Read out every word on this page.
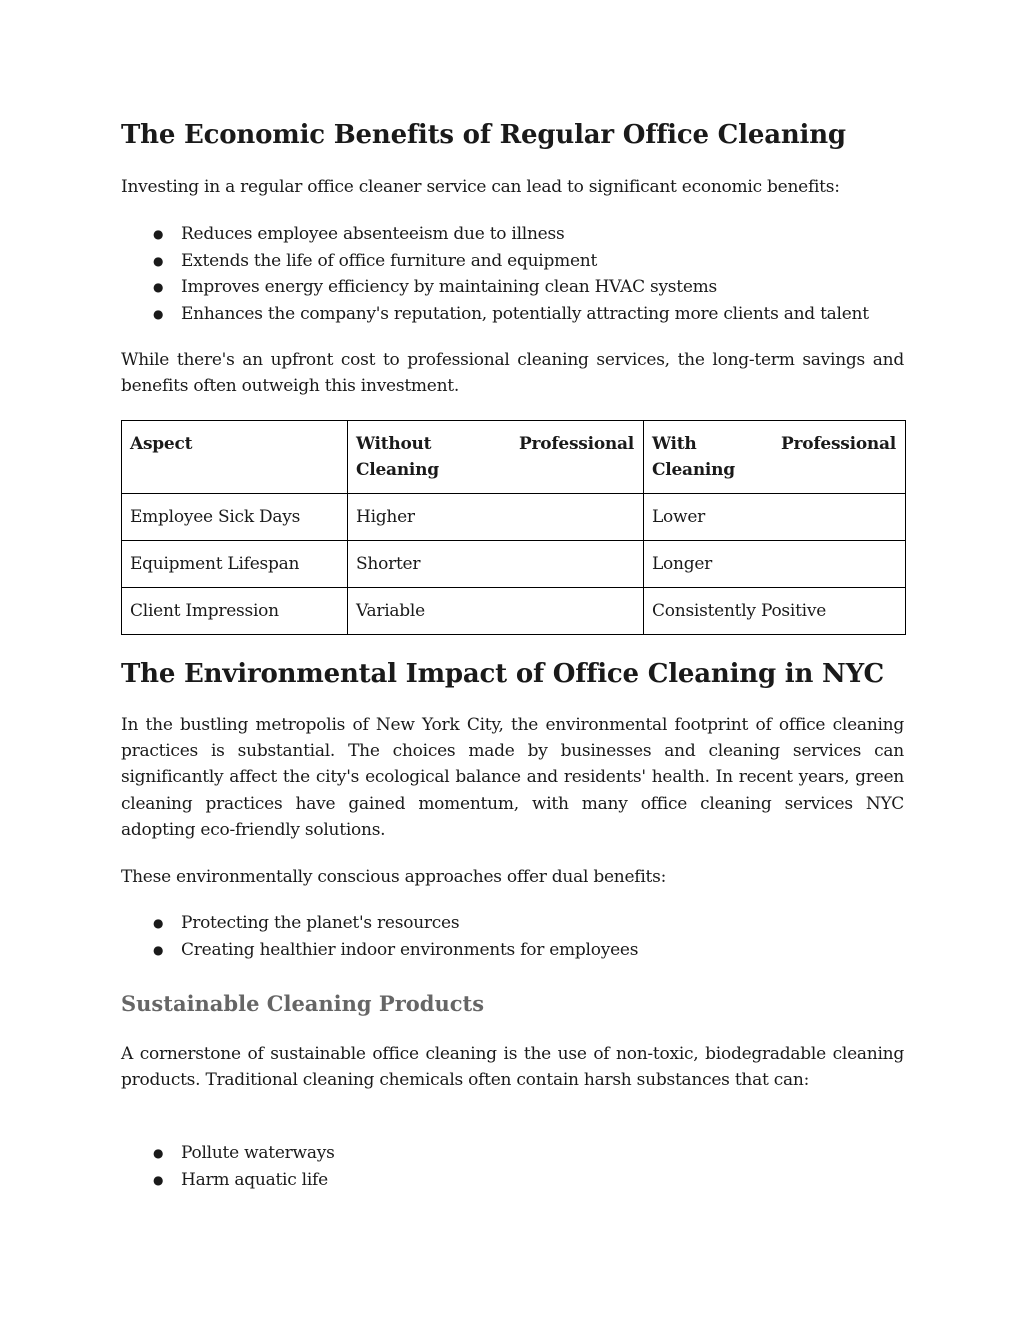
The Economic Benefits of Regular Office Cleaning

Investing in a regular office cleaner service can lead to significant economic benefits:

● Reduces employee absenteeism due to illness
● Extends the life of office furniture and equipment
● Improves energy efficiency by maintaining clean HVAC systems
● Enhances the company's reputation, potentially attracting more clients and talent

While there's an upfront cost to professional cleaning services, the long-term savings and benefits often outweigh this investment.

Aspect	Without Professional Cleaning	With Professional Cleaning
Employee Sick Days	Higher	Lower
Equipment Lifespan	Shorter	Longer
Client Impression	Variable	Consistently Positive
The Environmental Impact of Office Cleaning in NYC

In the bustling metropolis of New York City, the environmental footprint of office cleaning practices is substantial. The choices made by businesses and cleaning services can significantly affect the city's ecological balance and residents' health. In recent years, green cleaning practices have gained momentum, with many office cleaning services NYC adopting eco-friendly solutions.

These environmentally conscious approaches offer dual benefits:

● Protecting the planet's resources
● Creating healthier indoor environments for employees
Sustainable Cleaning Products

A cornerstone of sustainable office cleaning is the use of non-toxic, biodegradable cleaning products. Traditional cleaning chemicals often contain harsh substances that can:

● Pollute waterways
● Harm aquatic life
